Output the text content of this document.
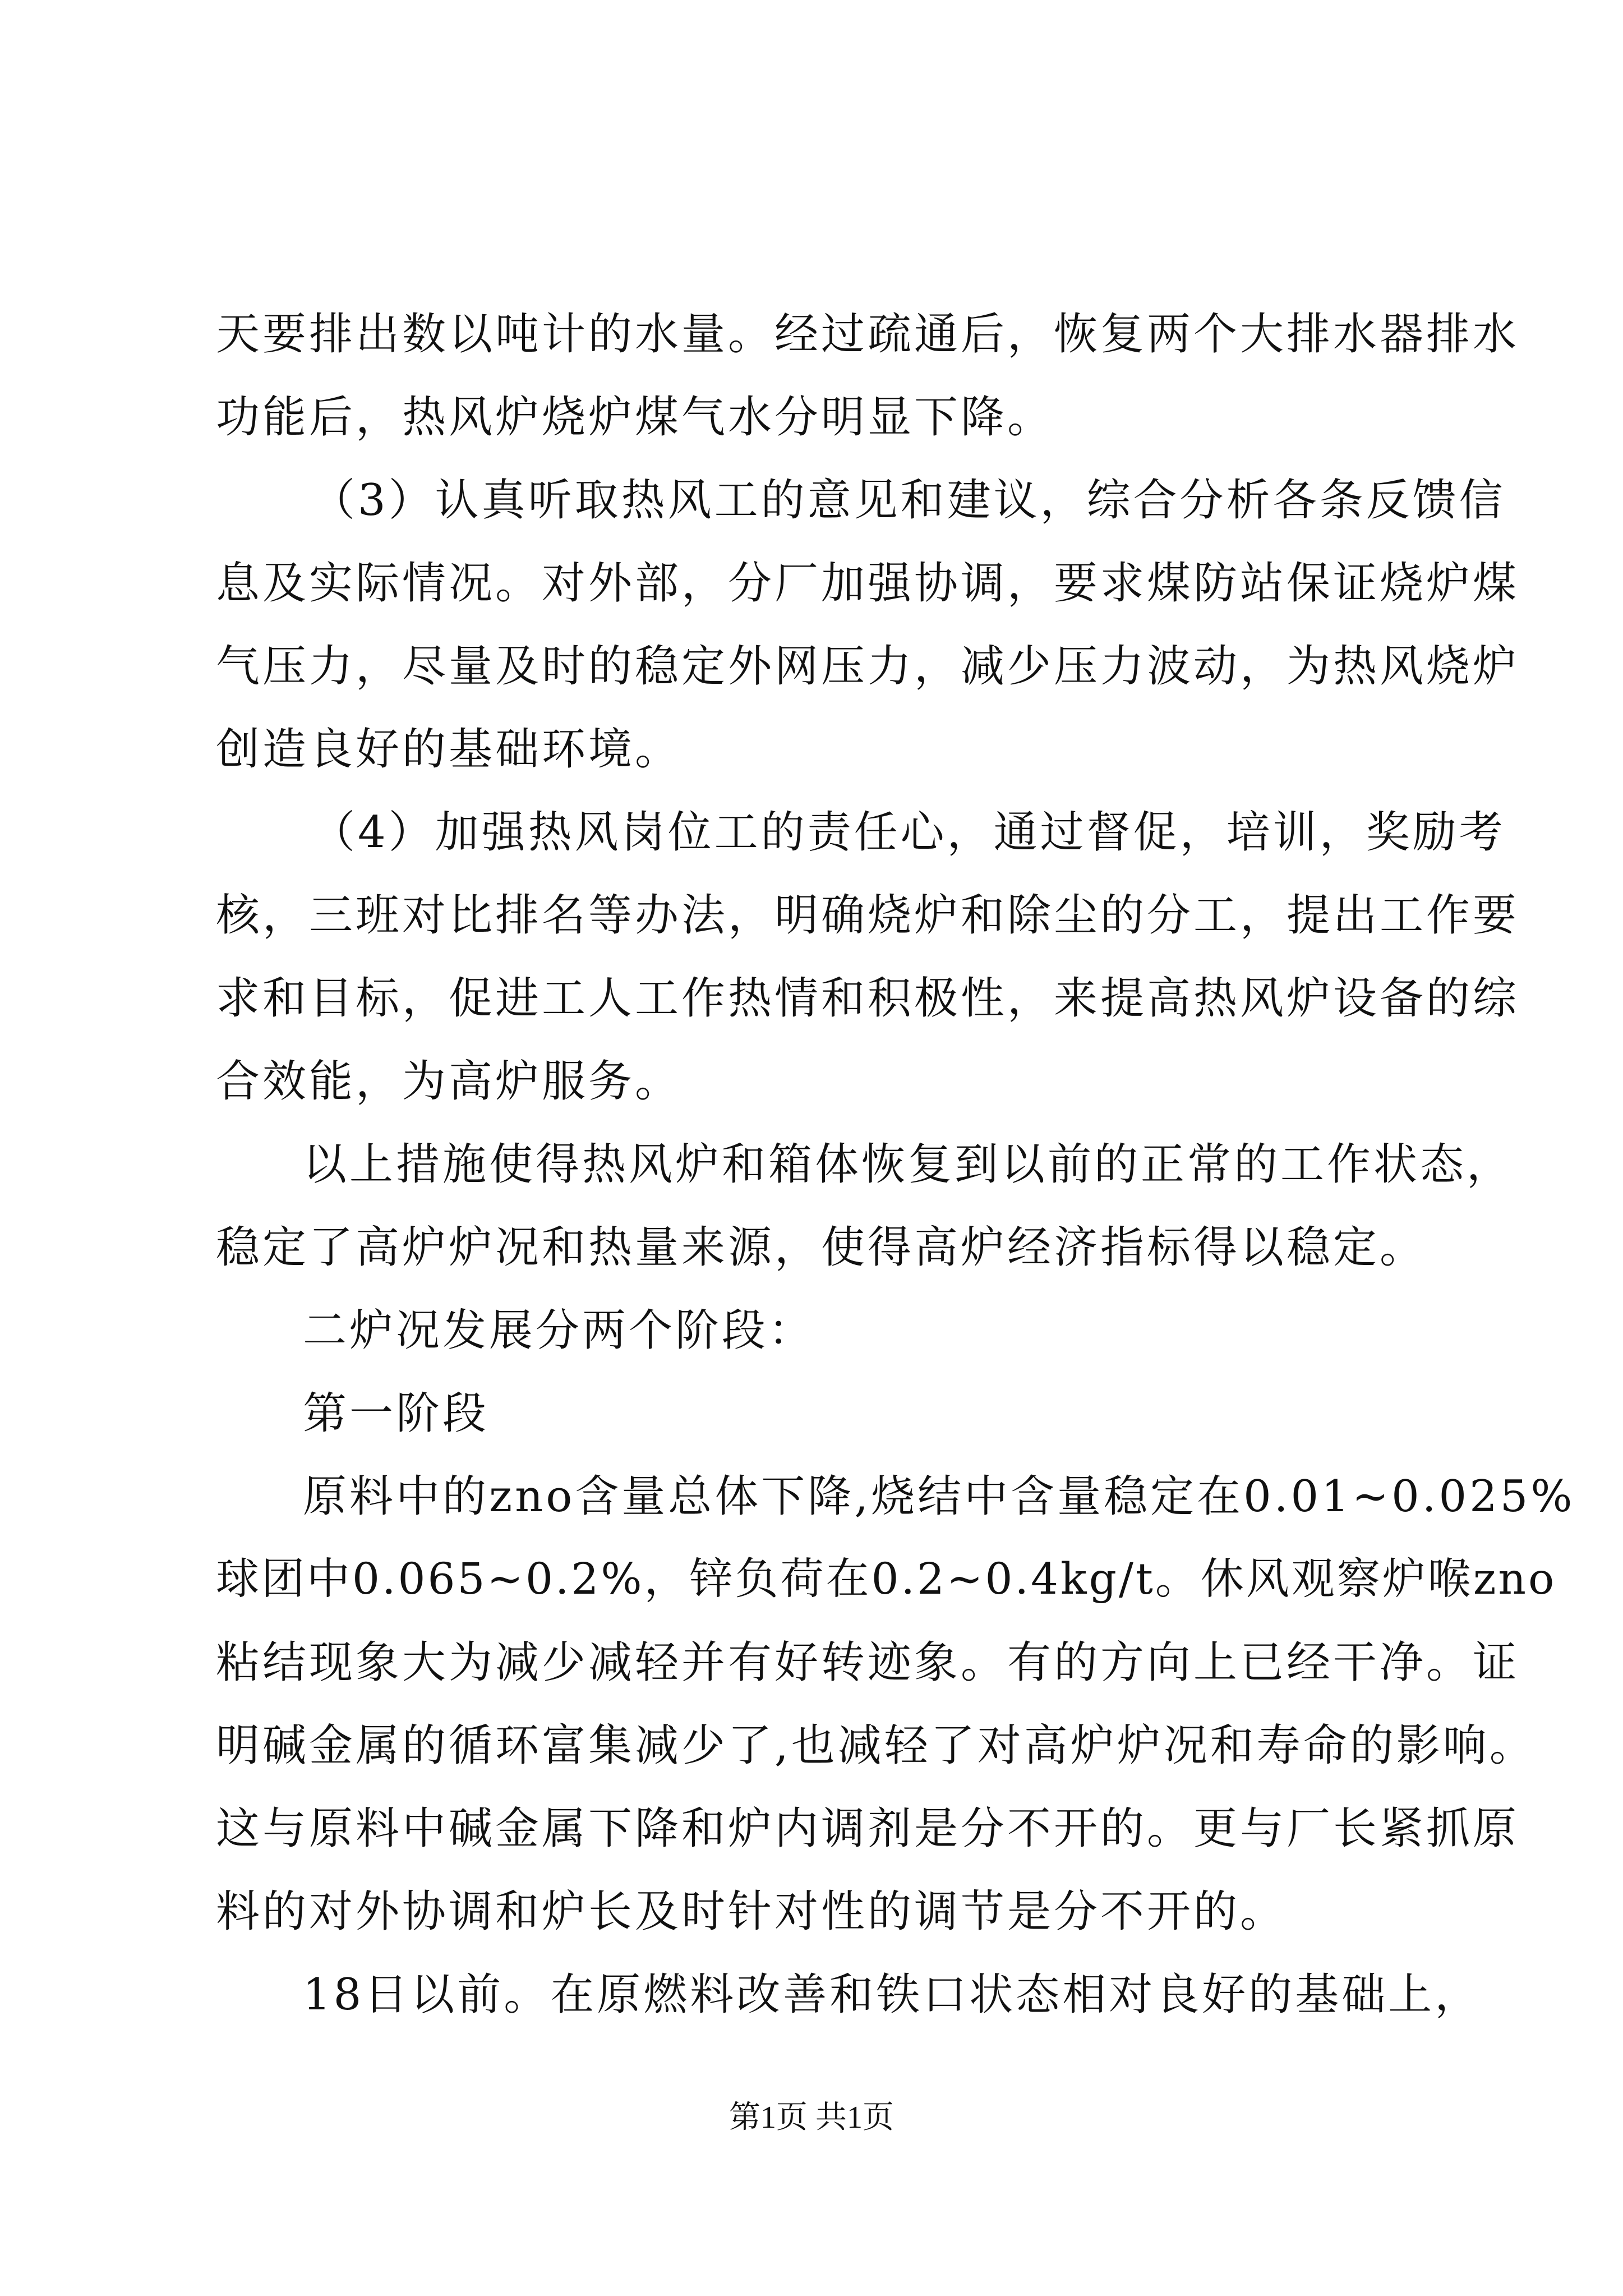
天要排出数以吨计的水量。经过疏通后，恢复两个大排水器排水

功能后，热风炉烧炉煤气水分明显下降。

（3）认真听取热风工的意见和建议，综合分析各条反馈信

息及实际情况。对外部，分厂加强协调，要求煤防站保证烧炉煤

气压力，尽量及时的稳定外网压力，减少压力波动，为热风烧炉

创造良好的基础环境。

（4）加强热风岗位工的责任心，通过督促，培训，奖励考

核，三班对比排名等办法，明确烧炉和除尘的分工，提出工作要

求和目标，促进工人工作热情和积极性，来提高热风炉设备的综

合效能，为高炉服务。

以上措施使得热风炉和箱体恢复到以前的正常的工作状态，

稳定了高炉炉况和热量来源，使得高炉经济指标得以稳定。

二炉况发展分两个阶段：

第一阶段

原料中的zno含量总体下降,烧结中含量稳定在0.01~0.025%

球团中0.065~0.2%，锌负荷在0.2~0.4kg/t。休风观察炉喉zno

粘结现象大为减少减轻并有好转迹象。有的方向上已经干净。证

明碱金属的循环富集减少了,也减轻了对高炉炉况和寿命的影响。

这与原料中碱金属下降和炉内调剂是分不开的。更与厂长紧抓原

料的对外协调和炉长及时针对性的调节是分不开的。

18日以前。在原燃料改善和铁口状态相对良好的基础上，

第1页 共1页
